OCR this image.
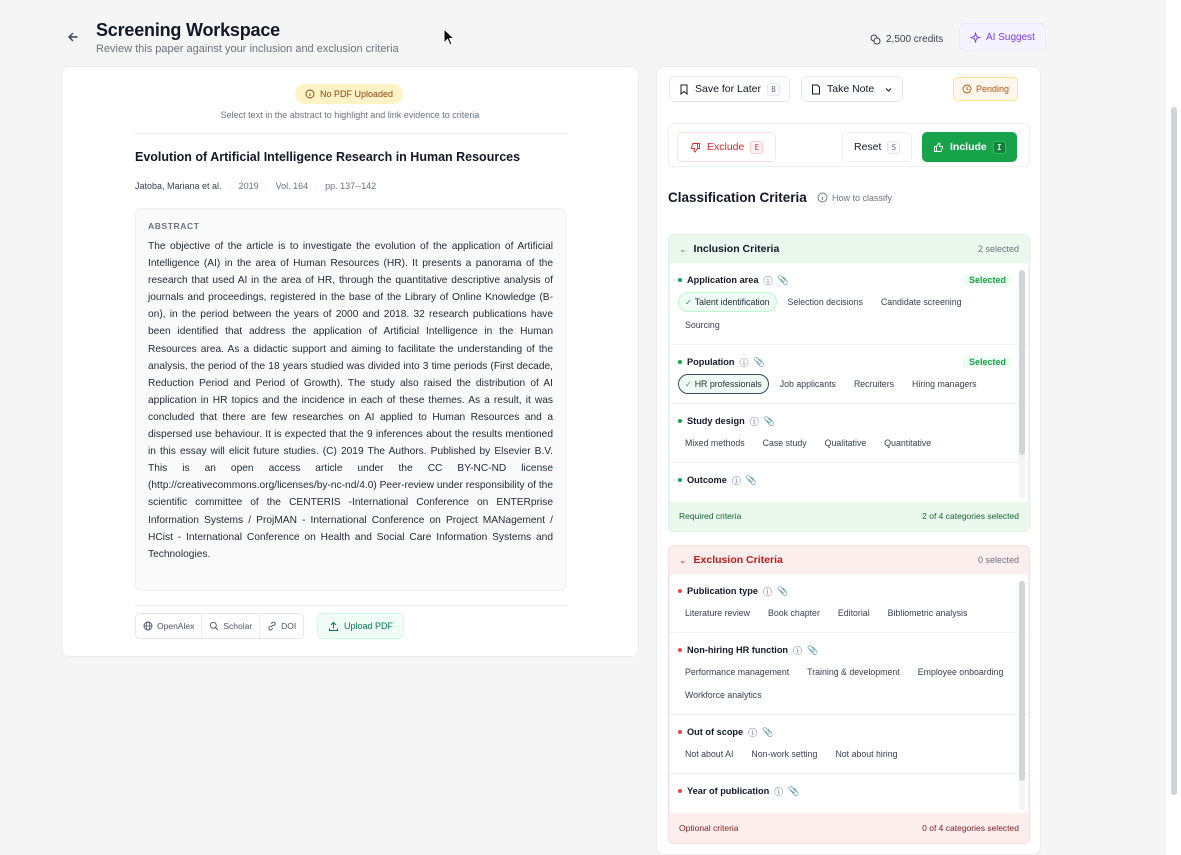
Screening Workspace
Review this paper against your inclusion and exclusion criteria
2,500 credits	AI Suggest
No PDF Uploaded
Select text in the abstract to highlight and link evidence to criteria
Evolution of Artificial Intelligence Research in Human Resources
Jatoba, Mariana et al. · 2019 · Vol. 164 · pp. 137--142
ABSTRACT
The objective of the article is to investigate the evolution of the application of Artificial Intelligence (AI) in the area of Human Resources (HR). It presents a panorama of the research that used AI in the area of HR, through the quantitative descriptive analysis of journals and proceedings, registered in the base of the Library of Online Knowledge (B-on), in the period between the years of 2000 and 2018. 32 research publications have been identified that address the application of Artificial Intelligence in the Human Resources area. As a didactic support and aiming to facilitate the understanding of the analysis, the period of the 18 years studied was divided into 3 time periods (First decade, Reduction Period and Period of Growth). The study also raised the distribution of AI application in HR topics and the incidence in each of these themes. As a result, it was concluded that there are few researches on AI applied to Human Resources and a dispersed use behaviour. It is expected that the 9 inferences about the results mentioned in this essay will elicit future studies. (C) 2019 The Authors. Published by Elsevier B.V. This is an open access article under the CC BY-NC-ND license (http://creativecommons.org/licenses/by-nc-nd/4.0) Peer-review under responsibility of the scientific committee of the CENTERIS -International Conference on ENTERprise Information Systems / ProjMAN - International Conference on Project MANagement / HCist - International Conference on Health and Social Care Information Systems and Technologies.
OpenAlex	Scholar	DOI	Upload PDF
Save for Later	B	Take Note	Pending
Exclude	E	Reset	S	Include	I
Classification Criteria	How to classify
⌄ Inclusion Criteria	2 selected
Application area ⓘ 📎	Selected
✓ Talent identification	Selection decisions	Candidate screening
Sourcing
Population ⓘ 📎	Selected
✓ HR professionals	Job applicants	Recruiters	Hiring managers
Study design ⓘ 📎
Mixed methods	Case study	Qualitative	Quantitative
Outcome ⓘ 📎
Required criteria	2 of 4 categories selected
⌄ Exclusion Criteria	0 selected
Publication type ⓘ 📎
Literature review	Book chapter	Editorial	Bibliometric analysis
Non-hiring HR function ⓘ 📎
Performance management	Training & development	Employee onboarding
Workforce analytics
Out of scope ⓘ 📎
Not about AI	Non-work setting	Not about hiring
Year of publication ⓘ 📎
Optional criteria	0 of 4 categories selected
